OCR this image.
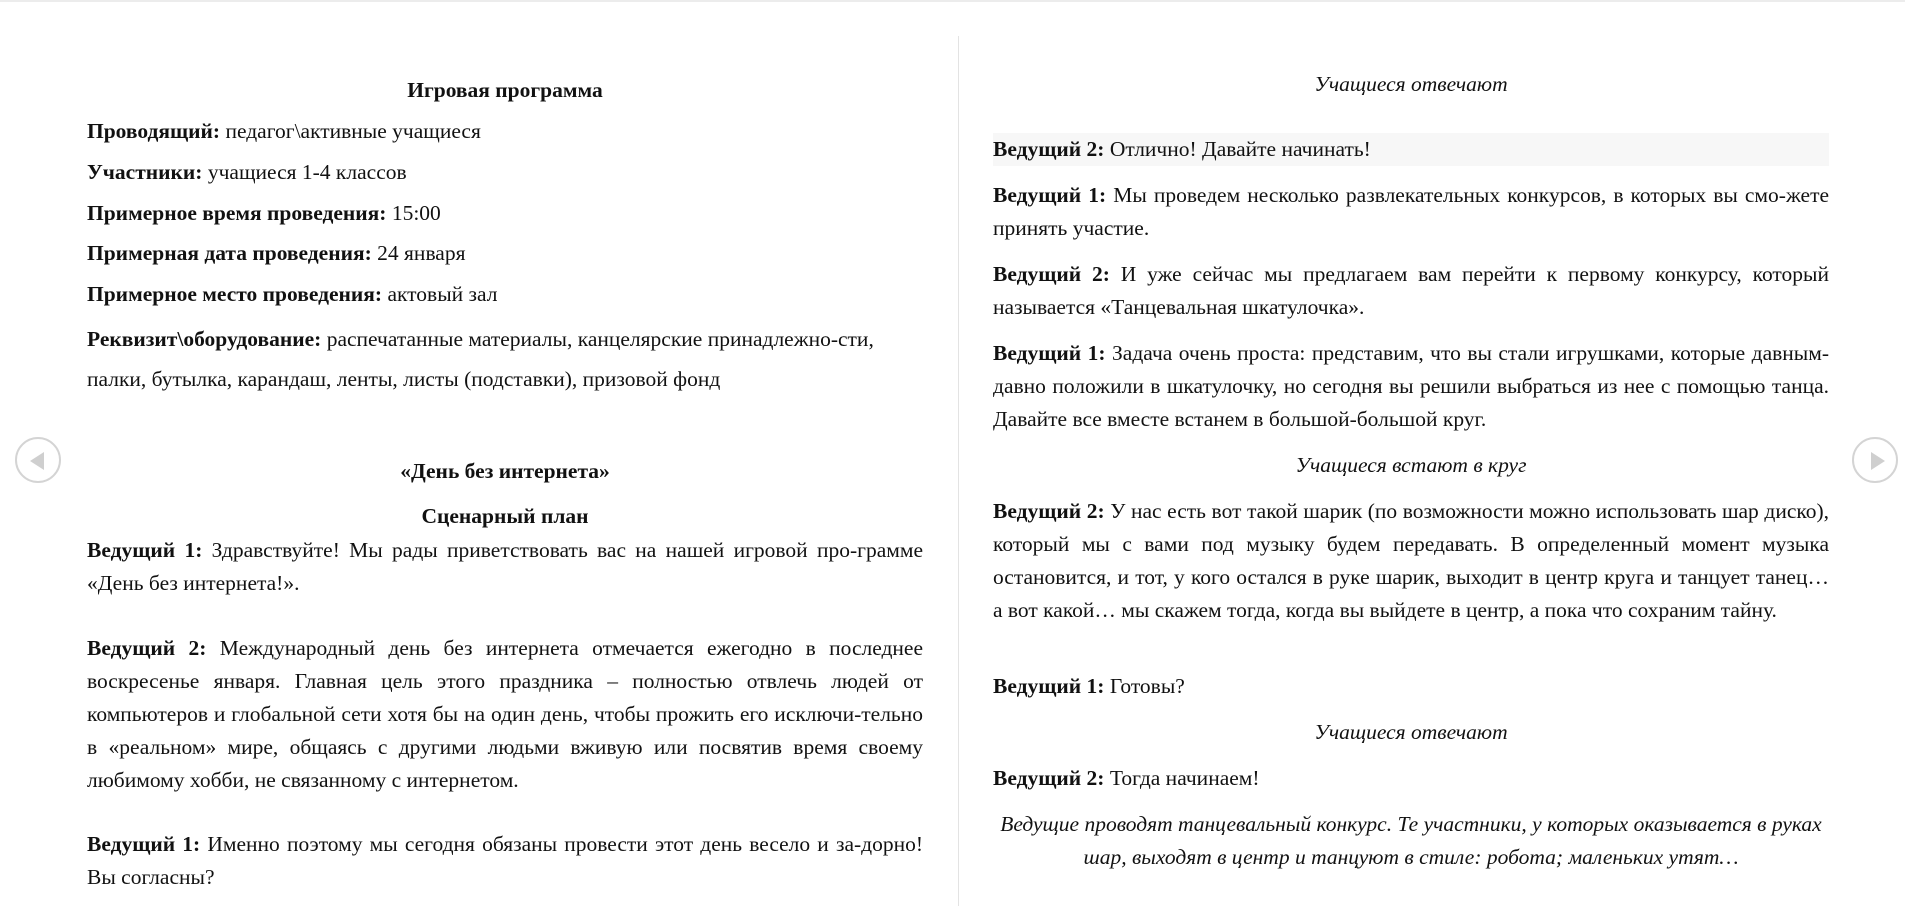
Игровая программа

Проводящий: педагог\активные учащиеся

Участники: учащиеся 1-4 классов

Примерное время проведения: 15:00

Примерная дата проведения: 24 января

Примерное место проведения: актовый зал

Реквизит\оборудование: распечатанные материалы, канцелярские принадлежно-сти, палки, бутылка, карандаш, ленты, листы (подставки), призовой фонд

«День без интернета»

Сценарный план

Ведущий 1: Здравствуйте! Мы рады приветствовать вас на нашей игровой про-грамме «День без интернета!».

Ведущий 2: Международный день без интернета отмечается ежегодно в последнее воскресенье января. Главная цель этого праздника – полностью отвлечь людей от компьютеров и глобальной сети хотя бы на один день, чтобы прожить его исключи-тельно в «реальном» мире, общаясь с другими людьми вживую или посвятив время своему любимому хобби, не связанному с интернетом.

Ведущий 1: Именно поэтому мы сегодня обязаны провести этот день весело и за-дорно! Вы согласны?

Учащиеся отвечают

Ведущий 2: Отлично! Давайте начинать!

Ведущий 1: Мы проведем несколько развлекательных конкурсов, в которых вы смо-жете принять участие.

Ведущий 2: И уже сейчас мы предлагаем вам перейти к первому конкурсу, который называется «Танцевальная шкатулочка».

Ведущий 1: Задача очень проста: представим, что вы стали игрушками, которые давным-давно положили в шкатулочку, но сегодня вы решили выбраться из нее с помощью танца. Давайте все вместе встанем в большой-большой круг.

Учащиеся встают в круг

Ведущий 2: У нас есть вот такой шарик (по возможности можно использовать шар диско), который мы с вами под музыку будем передавать. В определенный момент музыка остановится, и тот, у кого остался в руке шарик, выходит в центр круга и танцует танец… а вот какой… мы скажем тогда, когда вы выйдете в центр, а пока что сохраним тайну.

Ведущий 1: Готовы?

Учащиеся отвечают

Ведущий 2: Тогда начинаем!

Ведущие проводят танцевальный конкурс. Те участники, у которых оказывается в руках шар, выходят в центр и танцуют в стиле: робота; маленьких утят…
